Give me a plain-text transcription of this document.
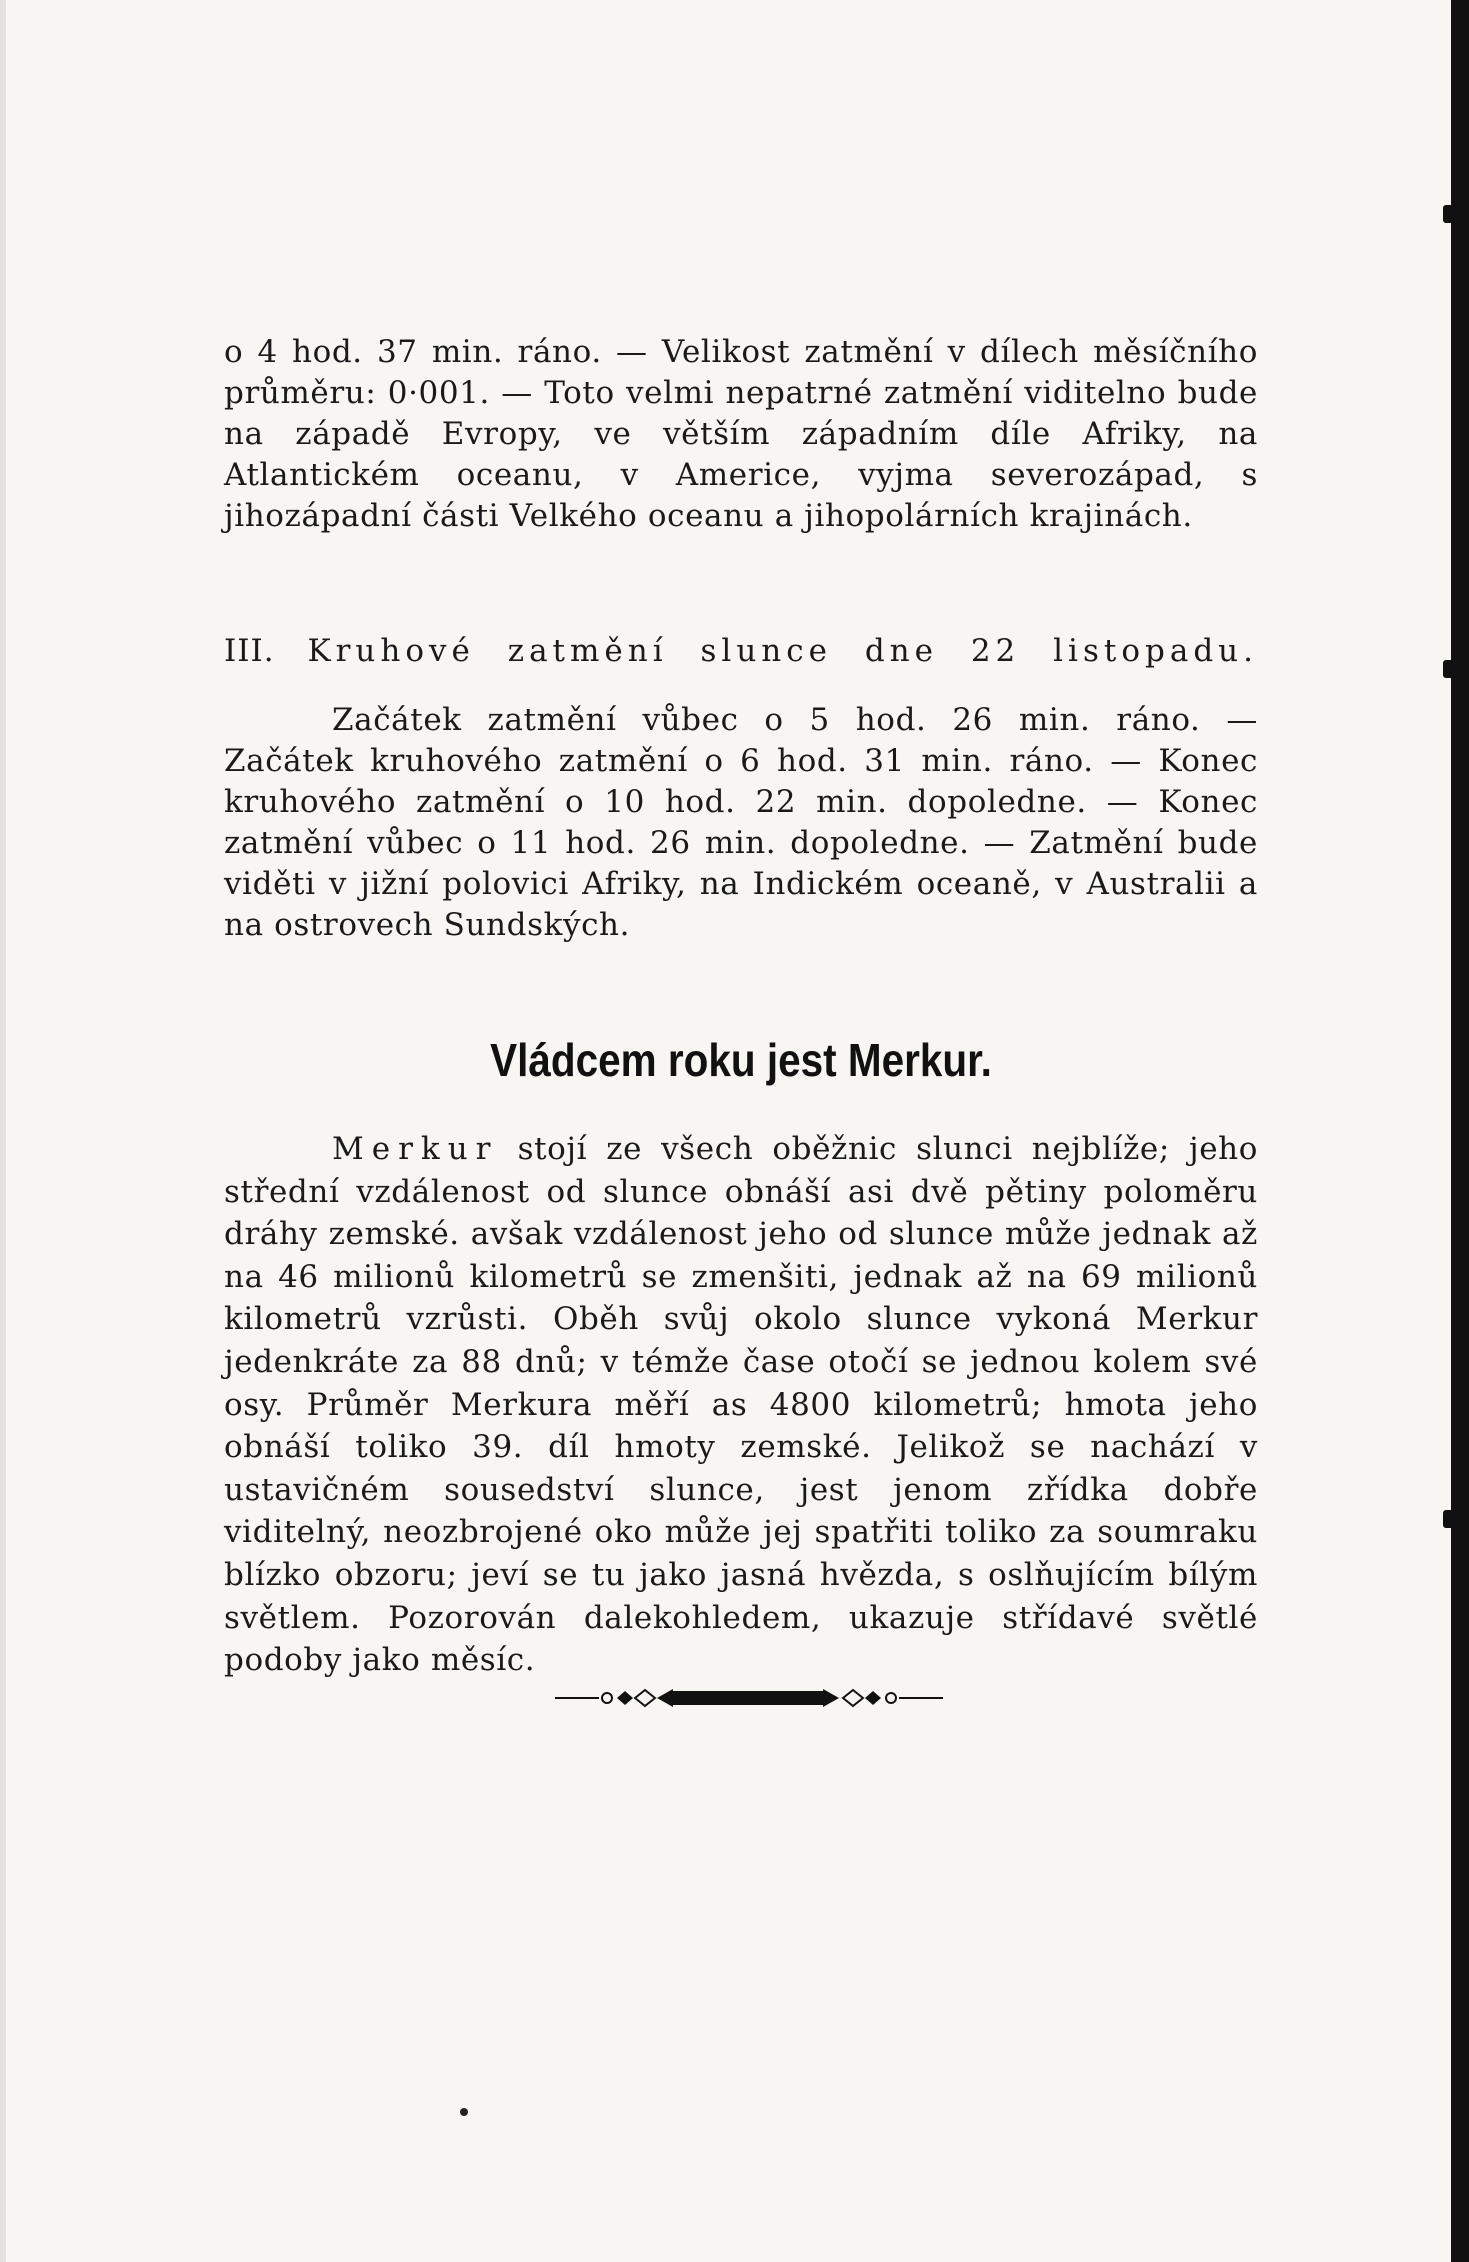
o 4 hod. 37 min. ráno. — Velikost zatmění v dílech měsíčního průměru: 0·001. — Toto velmi nepatrné zatmění viditelno bude na západě Evropy, ve větším západním díle Afriky, na Atlantickém oceanu, v Americe, vyjma severozápad, s jihozápadní části Velkého oceanu a jihopolárních krajinách.

III. Kruhové zatmění slunce dne 22 listopadu.

Začátek zatmění vůbec o 5 hod. 26 min. ráno. — Začátek kruhového zatmění o 6 hod. 31 min. ráno. — Konec kruhového zatmění o 10 hod. 22 min. dopoledne. — Konec zatmění vůbec o 11 hod. 26 min. dopoledne. — Zatmění bude viděti v jižní polovici Afriky, na Indickém oceaně, v Australii a na ostrovech Sundských.

Vládcem roku jest Merkur.

Merkur stojí ze všech oběžnic slunci nejblíže; jeho střední vzdálenost od slunce obnáší asi dvě pětiny poloměru dráhy zemské. avšak vzdálenost jeho od slunce může jednak až na 46 milionů kilometrů se zmenšiti, jednak až na 69 milionů kilometrů vzrůsti. Oběh svůj okolo slunce vykoná Merkur jedenkráte za 88 dnů; v témže čase otočí se jednou kolem své osy. Průměr Merkura měří as 4800 kilometrů; hmota jeho obnáší toliko 39. díl hmoty zemské. Jelikož se nachází v ustavičném sousedství slunce, jest jenom zřídka dobře viditelný, neozbrojené oko může jej spatřiti toliko za soumraku blízko obzoru; jeví se tu jako jasná hvězda, s oslňujícím bílým světlem. Pozorován dalekohledem, ukazuje střídavé světlé podoby jako měsíc.
